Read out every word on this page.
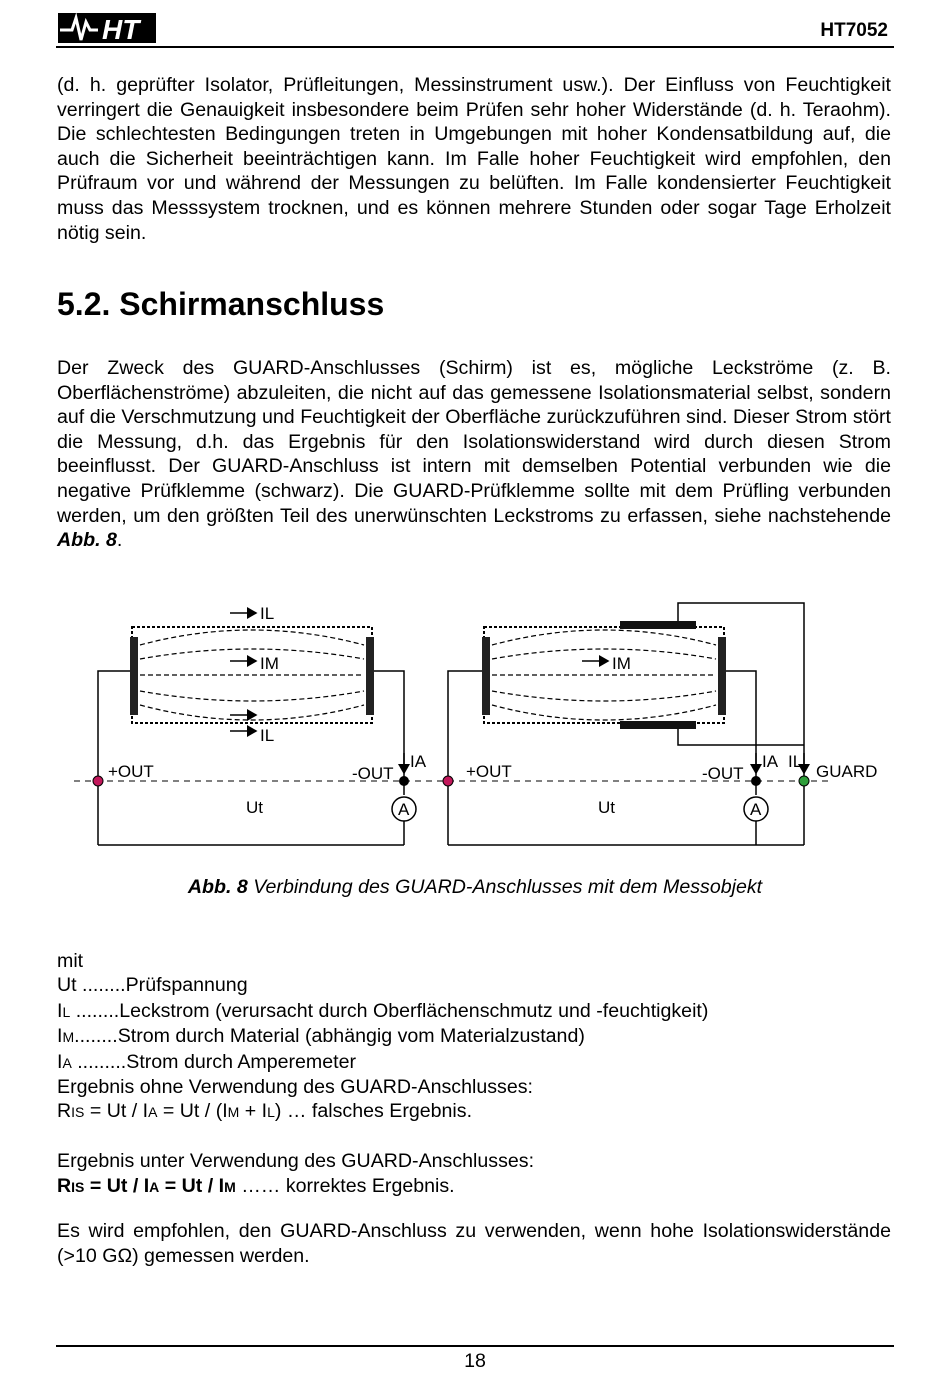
HT	HT7052

(d. h. geprüfter Isolator, Prüfleitungen, Messinstrument usw.). Der Einfluss von Feuchtigkeit verringert die Genauigkeit insbesondere beim Prüfen sehr hoher Widerstände (d. h. Teraohm). Die schlechtesten Bedingungen treten in Umgebungen mit hoher Kondensatbildung auf, die auch die Sicherheit beeinträchtigen kann. Im Falle hoher Feuchtigkeit wird empfohlen, den Prüfraum vor und während der Messungen zu belüften. Im Falle kondensierter Feuchtigkeit muss das Messsystem trocknen, und es können mehrere Stunden oder sogar Tage Erholzeit nötig sein.

5.2. Schirmanschluss

Der Zweck des GUARD-Anschlusses (Schirm) ist es, mögliche Leckströme (z. B. Oberflächenströme) abzuleiten, die nicht auf das gemessene Isolationsmaterial selbst, sondern auf die Verschmutzung und Feuchtigkeit der Oberfläche zurückzuführen sind. Dieser Strom stört die Messung, d.h. das Ergebnis für den Isolationswiderstand wird durch diesen Strom beeinflusst. Der GUARD-Anschluss ist intern mit demselben Potential verbunden wie die negative Prüfklemme (schwarz). Die GUARD-Prüfklemme sollte mit dem Prüfling verbunden werden, um den größten Teil des unerwünschten Leckstroms zu erfassen, siehe nachstehende Abb. 8.

IL
IM
IL
IA
+OUT	-OUT
Ut	A
IM
IA IL
+OUT	-OUT	GUARD
Ut	A
Abb. 8 Verbindung des GUARD-Anschlusses mit dem Messobjekt
mit
Ut ........Prüfspannung
IL ........Leckstrom (verursacht durch Oberflächenschmutz und -feuchtigkeit)
IM........Strom durch Material (abhängig vom Materialzustand)
IA .........Strom durch Amperemeter
Ergebnis ohne Verwendung des GUARD-Anschlusses:
RIS = Ut / IA = Ut / (IM + IL) … falsches Ergebnis.

Ergebnis unter Verwendung des GUARD-Anschlusses:
RIS = Ut / IA = Ut / IM …… korrektes Ergebnis.

Es wird empfohlen, den GUARD-Anschluss zu verwenden, wenn hohe Isolationswiderstände (>10 GΩ) gemessen werden.

18
